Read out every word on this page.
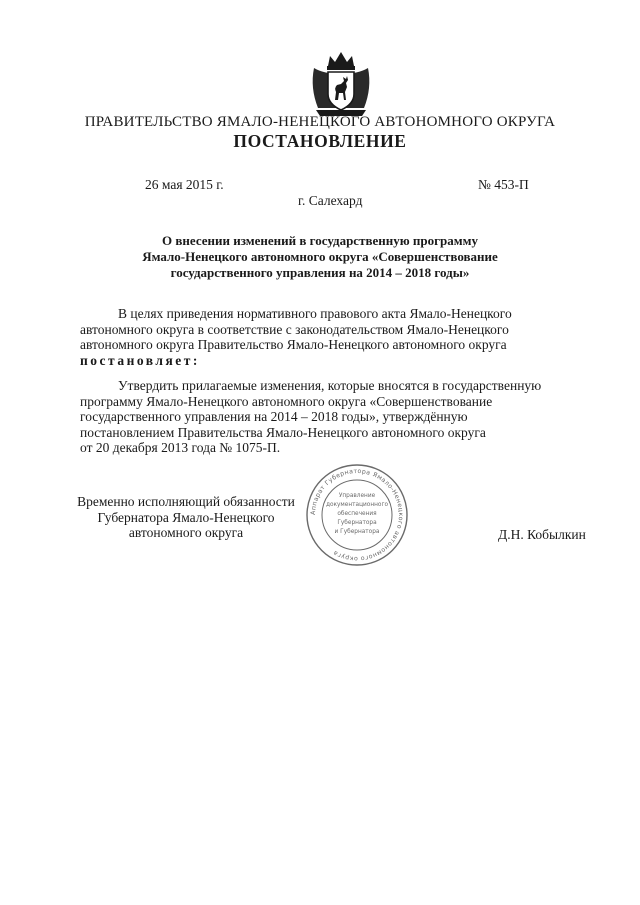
ПРАВИТЕЛЬСТВО ЯМАЛО-НЕНЕЦКОГО АВТОНОМНОГО ОКРУГА
ПОСТАНОВЛЕНИЕ
26 мая 2015 г.	№ 453-П
г. Салехард
О внесении изменений в государственную программу
Ямало-Ненецкого автономного округа «Совершенствование
государственного управления на 2014 – 2018 годы»

В целях приведения нормативного правового акта Ямало-Ненецкого

автономного округа в соответствие с законодательством Ямало-Ненецкого

автономного округа Правительство Ямало-Ненецкого автономного округа

постановляет:

Утвердить прилагаемые изменения, которые вносятся в государственную

программу Ямало-Ненецкого автономного округа «Совершенствование

государственного управления на 2014 – 2018 годы», утверждённую

постановлением Правительства Ямало-Ненецкого автономного округа

от 20 декабря 2013 года № 1075-П.

Временно исполняющий обязанности
Губернатора Ямало-Ненецкого
автономного округа
Аппарат Губернатора Ямало-Ненецкого автономного округа
Управление
документационного
обеспечения
Губернатора
и Губернатора	Д.Н. Кобылкин
